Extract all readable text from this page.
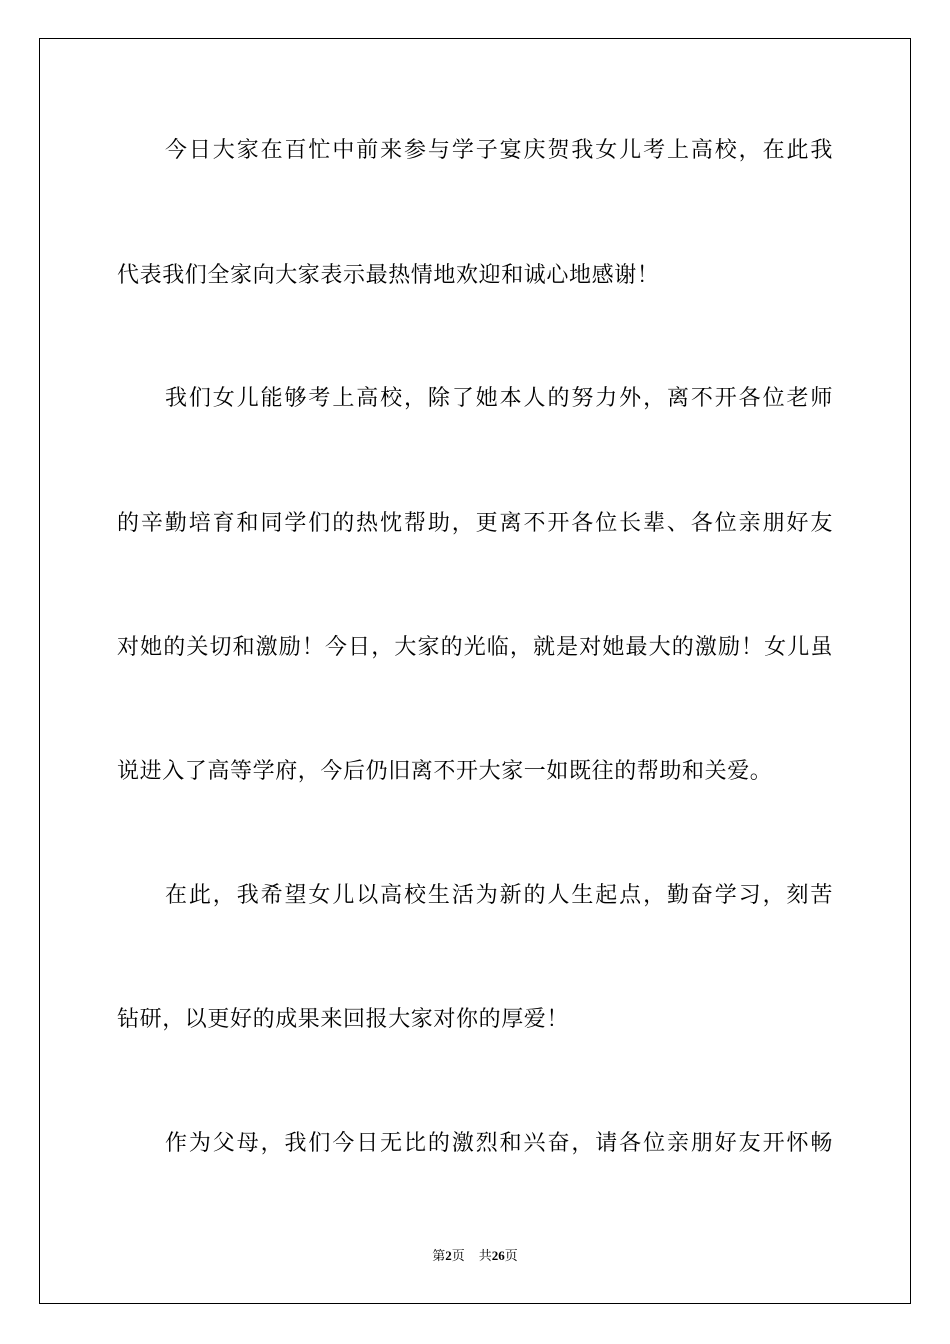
今日大家在百忙中前来参与学子宴庆贺我女儿考上高校，在此我
代表我们全家向大家表示最热情地欢迎和诚心地感谢！
我们女儿能够考上高校，除了她本人的努力外，离不开各位老师
的辛勤培育和同学们的热忱帮助，更离不开各位长辈、各位亲朋好友
对她的关切和激励！今日，大家的光临，就是对她最大的激励！女儿虽
说进入了高等学府，今后仍旧离不开大家一如既往的帮助和关爱。
在此，我希望女儿以高校生活为新的人生起点，勤奋学习，刻苦
钻研，以更好的成果来回报大家对你的厚爱！
作为父母，我们今日无比的激烈和兴奋，请各位亲朋好友开怀畅
第2页 共26页
